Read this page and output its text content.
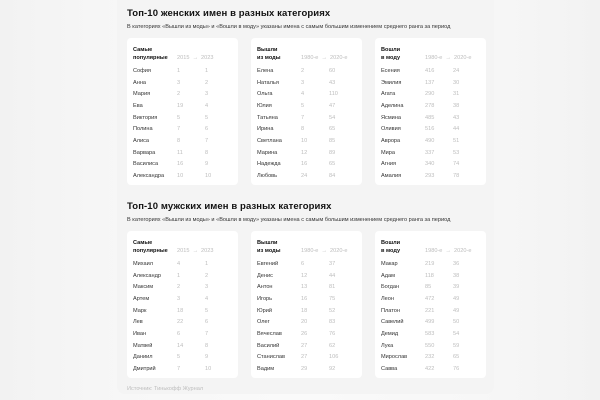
Топ-10 женских имен в разных категориях
В категориях «Вышли из моды» и «Вошли в моду» указаны имена с самым большим изменением среднего ранга за период
Самые
популярные	2015 → 2023
София	1	1
Анна	3	2
Мария	2	3
Ева	19	4
Виктория	5	5
Полина	7	6
Алиса	8	7
Варвара	11	8
Василиса	16	9
Александра	10	10
Вышли
из моды	1980-е → 2020-е
Елена	2	60
Наталья	3	43
Ольга	4	110
Юлия	5	47
Татьяна	7	54
Ирина	8	65
Светлана	10	85
Марина	12	89
Надежда	16	65
Любовь	24	84
Вошли
в моду	1980-е → 2020-е
Есения	416	24
Эмилия	137	30
Агата	290	31
Аделина	278	38
Ясмина	485	43
Оливия	516	44
Аврора	490	51
Мира	337	53
Агния	340	74
Амалия	293	78
Топ-10 мужских имен в разных категориях
В категориях «Вышли из моды» и «Вошли в моду» указаны имена с самым большим изменением среднего ранга за период
Самые
популярные	2015 → 2023
Михаил	4	1
Александр	1	2
Максим	2	3
Артем	3	4
Марк	18	5
Лев	22	6
Иван	6	7
Матвей	14	8
Даниил	5	9
Дмитрий	7	10
Вышли
из моды	1980-е → 2020-е
Евгений	6	37
Денис	12	44
Антон	13	81
Игорь	16	75
Юрий	18	52
Олег	20	83
Вячеслав	26	76
Василий	27	62
Станислав	27	106
Вадим	29	92
Вошли
в моду	1980-е → 2020-е
Макар	219	36
Адам	118	38
Богдан	85	39
Леон	472	49
Платон	221	49
Савелий	499	50
Демид	583	54
Лука	550	59
Мирослав	232	65
Савва	422	76
Источник: Тинькофф Журнал
